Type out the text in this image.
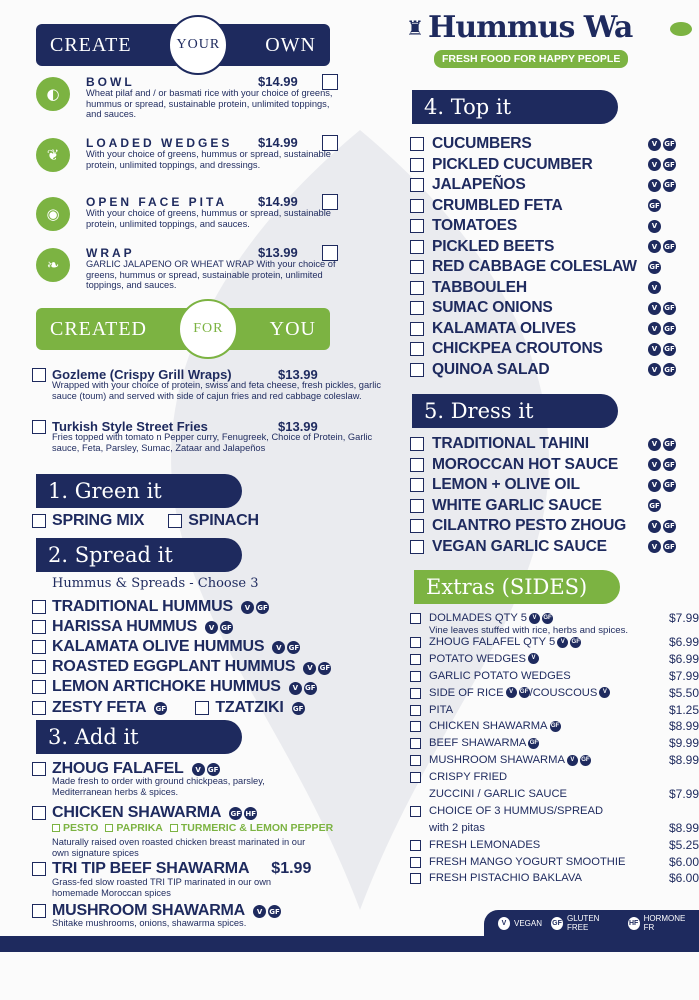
CREATE	YOUR	OWN
◐
BOWL	$14.99
Wheat pilaf and / or basmati rice with your choice of greens, hummus or spread, sustainable protein, unlimited toppings, and sauces.
❦
LOADED WEDGES $14.99
With your choice of greens, hummus or spread, sustainable protein, unlimited toppings, and dressings.
◉
OPEN FACE PITA $14.99
With your choice of greens, hummus or spread, sustainable protein, unlimited toppings, and sauces.
❧
WRAP	$13.99
GARLIC JALAPENO OR WHEAT WRAP With your choice of greens, hummus or spread, sustainable protein, unlimited toppings, and sauces.
CREATED	FOR	YOU
Gozleme (Crispy Grill Wraps)	$13.99
Wrapped with your choice of protein, swiss and feta cheese, fresh pickles, garlic sauce (toum) and served with side of cajun fries and red cabbage coleslaw.
Turkish Style Street Fries	$13.99
Fries topped with tomato n Pepper curry, Fenugreek, Choice of Protein, Garlic sauce, Feta, Parsley, Sumac, Zataar and Jalapeños
1. Green it
SPRING MIX	SPINACH
2. Spread it
Hummus & Spreads - Choose 3
TRADITIONAL HUMMUS	V GF
HARISSA HUMMUS	V GF
KALAMATA OLIVE HUMMUS	V GF
ROASTED EGGPLANT HUMMUS	V GF
LEMON ARTICHOKE HUMMUS	V GF
ZESTY FETA	GF	TZATZIKI	GF
3. Add it
ZHOUG FALAFEL	V GF
Made fresh to order with ground chickpeas, parsley, Mediterranean herbs & spices.
CHICKEN SHAWARMA	GF HF
Naturally raised oven roasted chicken breast marinated in our own signature spices
TRI TIP BEEF SHAWARMA $1.99
Grass-fed slow roasted TRI TIP marinated in our own homemade Moroccan spices
MUSHROOM SHAWARMA	V GF
Shitake mushrooms, onions, shawarma spices.
PESTO PAPRIKA TURMERIC & LEMON PEPPER
♜ Hummus Wa
FRESH FOOD FOR HAPPY PEOPLE
4. Top it
CUCUMBERS	V	GF
PICKLED CUCUMBER	V	GF
JALAPEÑOS	V	GF
CRUMBLED FETA	GF
TOMATOES	V
PICKLED BEETS	V	GF
RED CABBAGE COLESLAW	GF
TABBOULEH	V
SUMAC ONIONS	V	GF
KALAMATA OLIVES	V	GF
CHICKPEA CROUTONS	V	GF
QUINOA SALAD	V	GF
5. Dress it
TRADITIONAL TAHINI	V	GF
MOROCCAN HOT SAUCE	V	GF
LEMON + OLIVE OIL	V	GF
WHITE GARLIC SAUCE	GF
CILANTRO PESTO ZHOUG	V	GF
VEGAN GARLIC SAUCE	V	GF
Extras (SIDES)
DOLMADES QTY 5 V GF	$7.99
Vine leaves stuffed with rice, herbs and spices.
ZHOUG FALAFEL QTY 5 V GF	$6.99
POTATO WEDGES V	$6.99
GARLIC POTATO WEDGES	$7.99
SIDE OF RICE V GF/COUSCOUS V	$5.50
PITA	$1.25
CHICKEN SHAWARMA GF	$8.99
BEEF SHAWARMA GF	$9.99
MUSHROOM SHAWARMA V GF	$8.99
CRISPY FRIED
ZUCCINI / GARLIC SAUCE	$7.99
CHOICE OF 3 HUMMUS/SPREAD
with 2 pitas	$8.99
FRESH LEMONADES	$5.25
FRESH MANGO YOGURT SMOOTHIE	$6.00
FRESH PISTACHIO BAKLAVA	$6.00
V VEGAN GF GLUTEN FREE	HF HORMONE FR
